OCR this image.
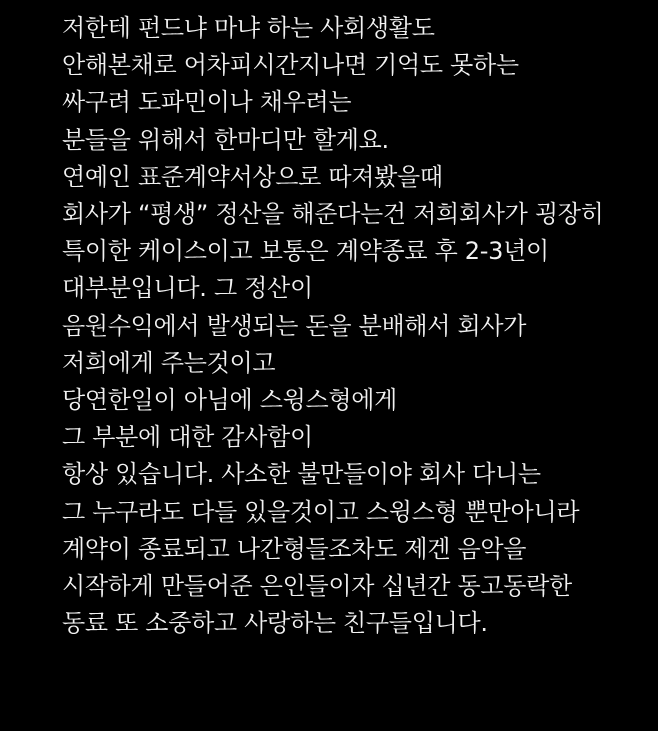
저한테 펀드냐 마냐 하는 사회생활도
안해본채로 어차피시간지나면 기억도 못하는
싸구려 도파민이나 채우려는
분들을 위해서 한마디만 할게요.
연예인 표준계약서상으로 따져봤을때
회사가 “평생” 정산을 해준다는건 저희회사가 굉장히
특이한 케이스이고 보통은 계약종료 후 2-3년이
대부분입니다. 그 정산이
음원수익에서 발생되는 돈을 분배해서 회사가
저희에게 주는것이고
당연한일이 아님에 스윙스형에게
그 부분에 대한 감사함이
항상 있습니다. 사소한 불만들이야 회사 다니는
그 누구라도 다들 있을것이고 스윙스형 뿐만아니라
계약이 종료되고 나간형들조차도 제겐 음악을
시작하게 만들어준 은인들이자 십년간 동고동락한
동료 또 소중하고 사랑하는 친구들입니다.
